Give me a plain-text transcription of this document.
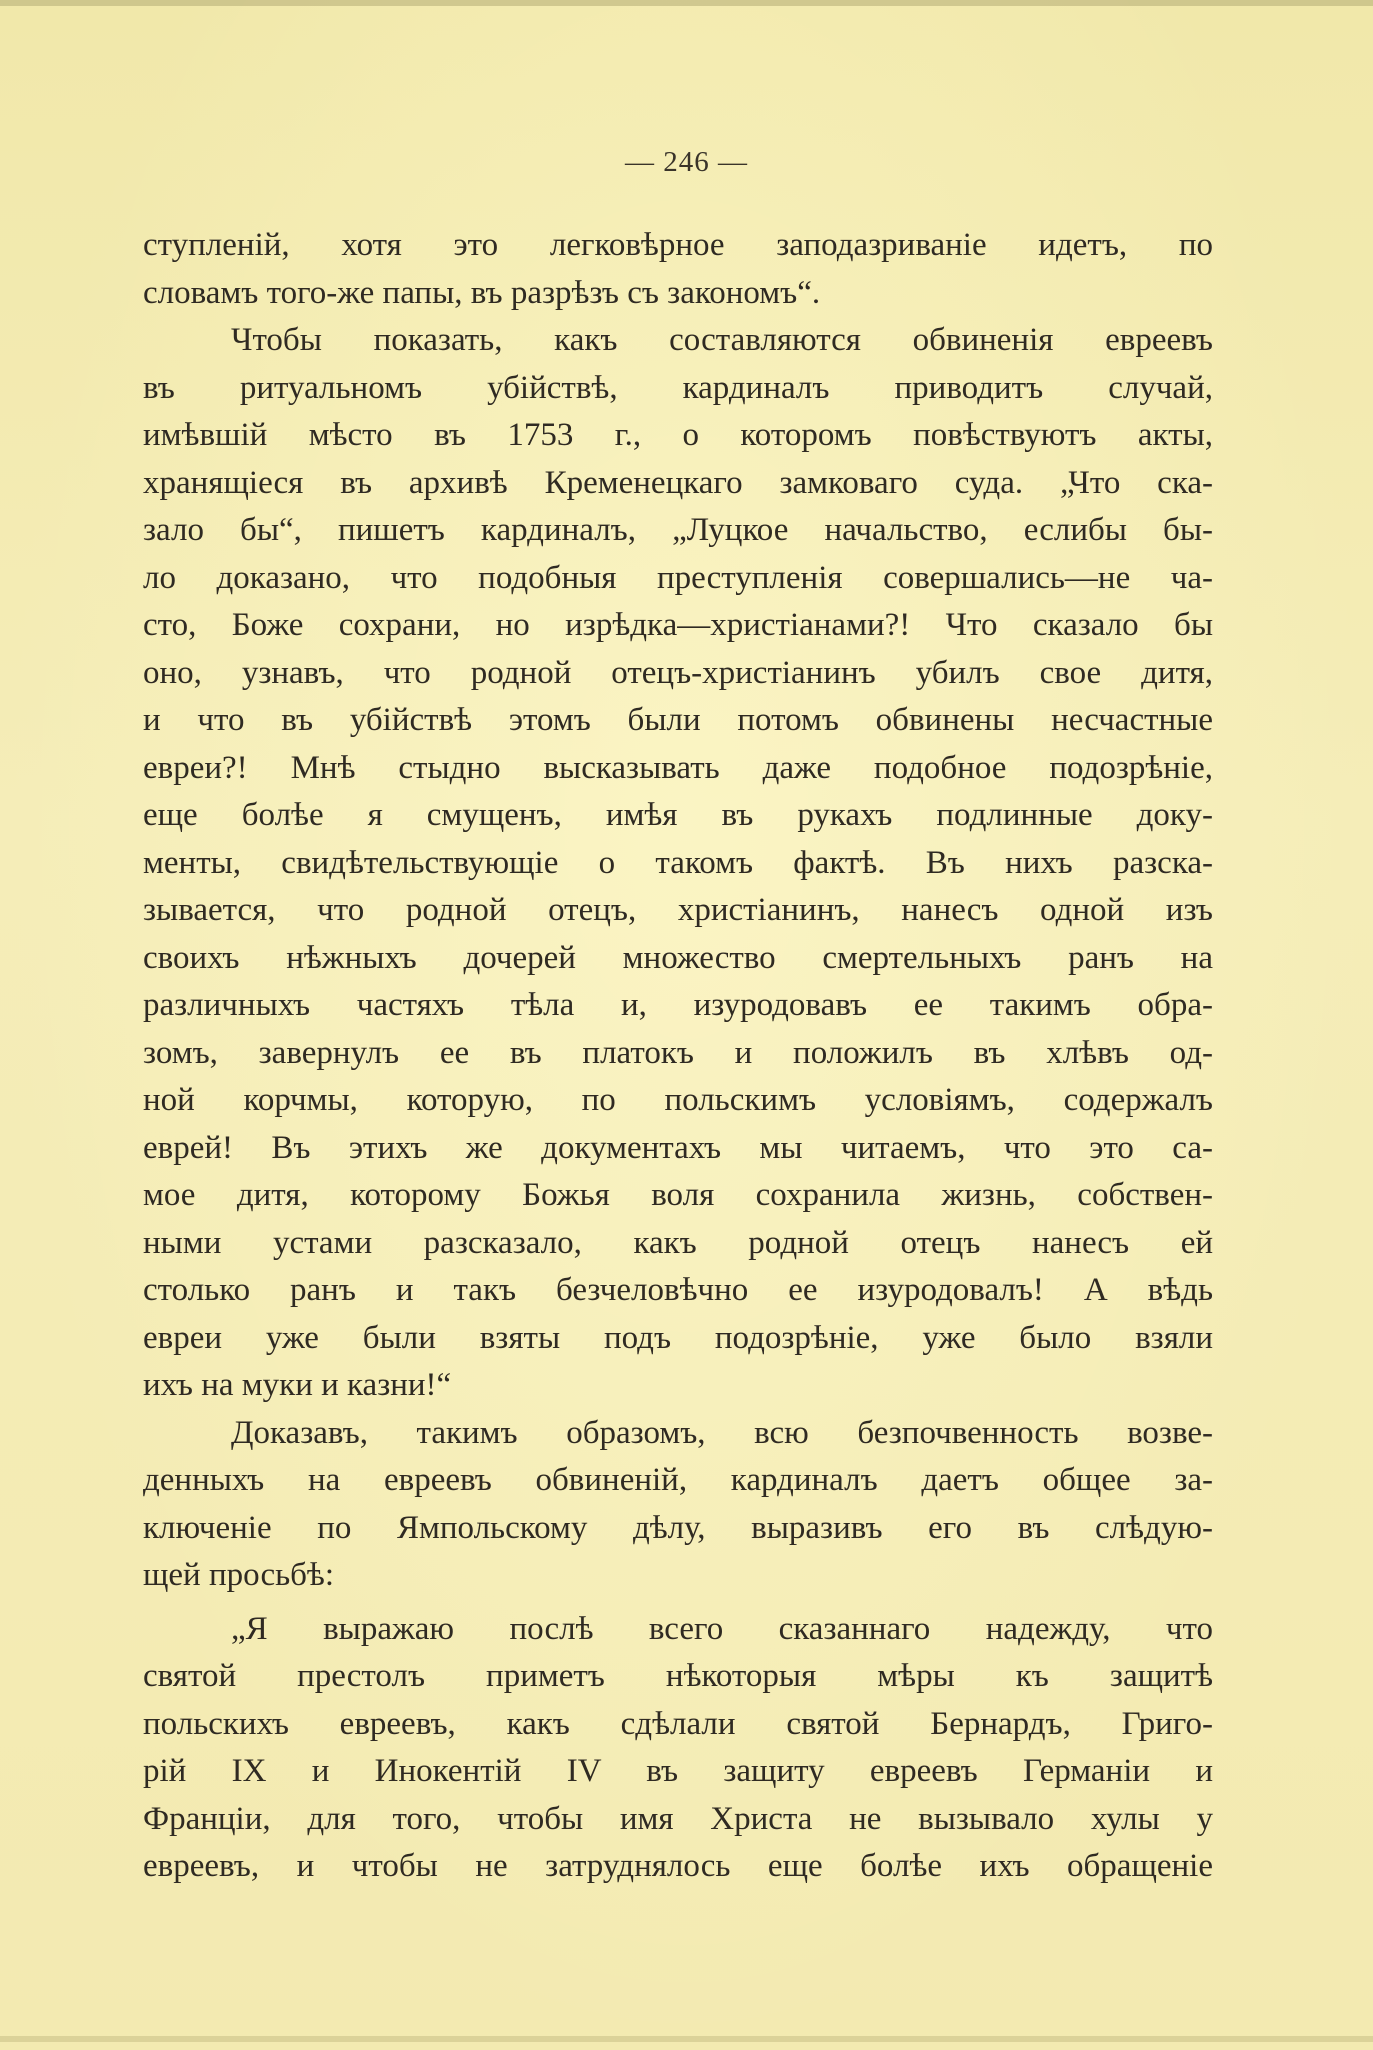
— 246 —

ступленій, хотя это легковѣрное заподазриваніе идетъ, по
словамъ того-же папы, въ разрѣзъ съ закономъ“.

Чтобы показать, какъ составляются обвиненія евреевъ
въ ритуальномъ убійствѣ, кардиналъ приводитъ случай,
имѣвшій мѣсто въ 1753 г., о которомъ повѣствуютъ акты,
хранящіеся въ архивѣ Кременецкаго замковаго суда. „Что ска-
зало бы“, пишетъ кардиналъ, „Луцкое начальство, еслибы бы-
ло доказано, что подобныя преступленія совершались—не ча-
сто, Боже сохрани, но изрѣдка—христіанами?! Что сказало бы
оно, узнавъ, что родной отецъ-христіанинъ убилъ свое дитя,
и что въ убійствѣ этомъ были потомъ обвинены несчастные
евреи?! Мнѣ стыдно высказывать даже подобное подозрѣніе,
еще болѣе я смущенъ, имѣя въ рукахъ подлинные доку-
менты, свидѣтельствующіе о такомъ фактѣ. Въ нихъ разска-
зывается, что родной отецъ, христіанинъ, нанесъ одной изъ
своихъ нѣжныхъ дочерей множество смертельныхъ ранъ на
различныхъ частяхъ тѣла и, изуродовавъ ее такимъ обра-
зомъ, завернулъ ее въ платокъ и положилъ въ хлѣвъ од-
ной корчмы, которую, по польскимъ условіямъ, содержалъ
еврей! Въ этихъ же документахъ мы читаемъ, что это са-
мое дитя, которому Божья воля сохранила жизнь, собствен-
ными устами разсказало, какъ родной отецъ нанесъ ей
столько ранъ и такъ безчеловѣчно ее изуродовалъ! А вѣдь
евреи уже были взяты подъ подозрѣніе, уже было взяли
ихъ на муки и казни!“

Доказавъ, такимъ образомъ, всю безпочвенность возве-
денныхъ на евреевъ обвиненій, кардиналъ даетъ общее за-
ключеніе по Ямпольскому дѣлу, выразивъ его въ слѣдую-
щей просьбѣ:

„Я выражаю послѣ всего сказаннаго надежду, что
святой престолъ приметъ нѣкоторыя мѣры къ защитѣ
польскихъ евреевъ, какъ сдѣлали святой Бернардъ, Григо-
рій IX и Инокентій IV въ защиту евреевъ Германіи и
Франціи, для того, чтобы имя Христа не вызывало хулы у
евреевъ, и чтобы не затруднялось еще болѣе ихъ обращеніе
